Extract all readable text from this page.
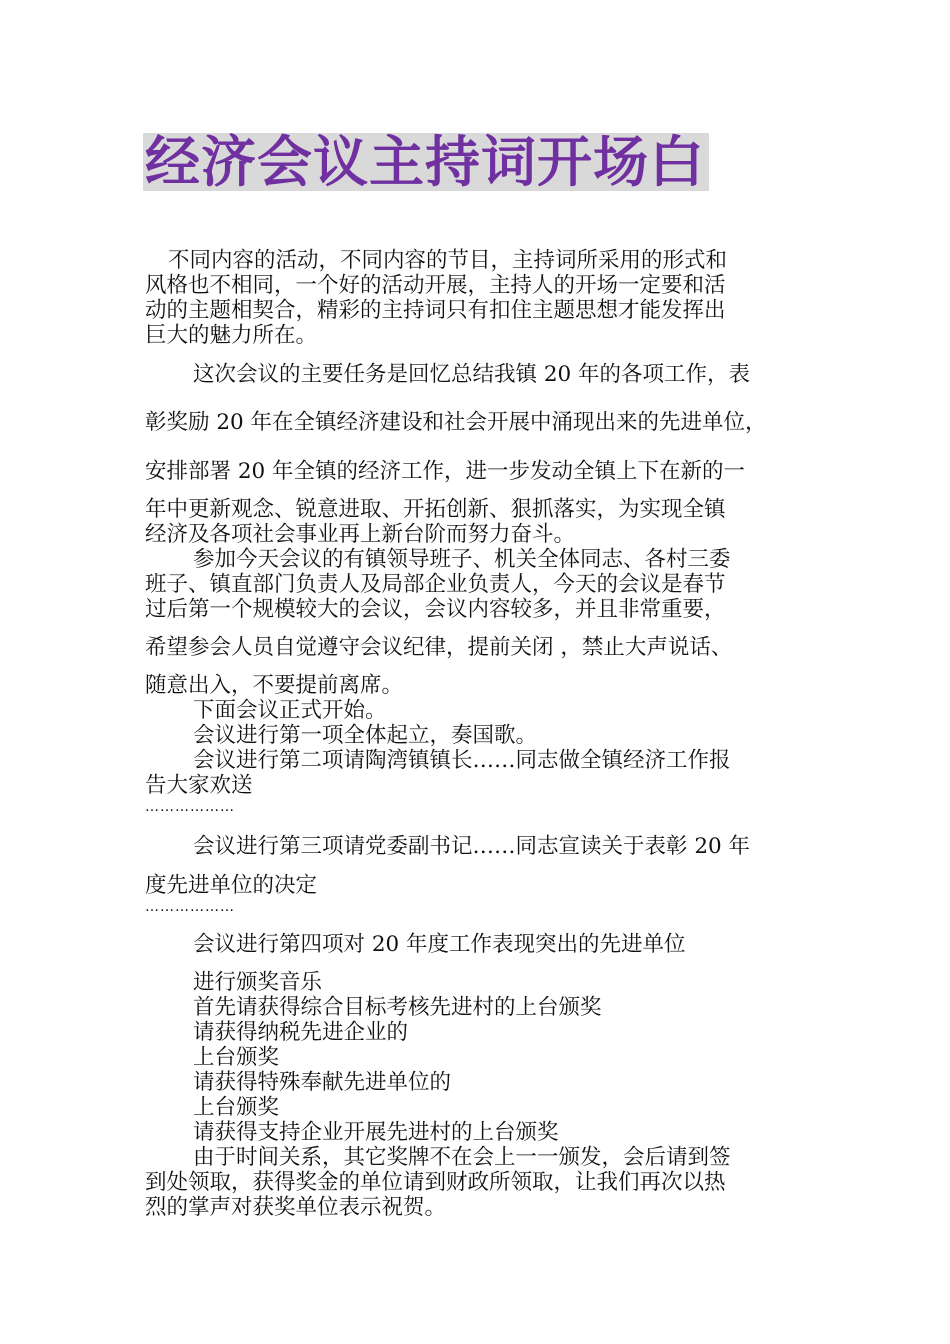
经济会议主持词开场白
不同内容的活动，不同内容的节目，主持词所采用的形式和
风格也不相同，一个好的活动开展，主持人的开场一定要和活
动的主题相契合，精彩的主持词只有扣住主题思想才能发挥出
巨大的魅力所在。
这次会议的主要任务是回忆总结我镇 20 年的各项工作，表
彰奖励 20 年在全镇经济建设和社会开展中涌现出来的先进单位，
安排部署 20 年全镇的经济工作，进一步发动全镇上下在新的一
年中更新观念、锐意进取、开拓创新、狠抓落实，为实现全镇
经济及各项社会事业再上新台阶而努力奋斗。
参加今天会议的有镇领导班子、机关全体同志、各村三委
班子、镇直部门负责人及局部企业负责人，今天的会议是春节
过后第一个规模较大的会议，会议内容较多，并且非常重要，
希望参会人员自觉遵守会议纪律，提前关闭 ，禁止大声说话、
随意出入，不要提前离席。
下面会议正式开始。
会议进行第一项全体起立，奏国歌。
会议进行第二项请陶湾镇镇长……同志做全镇经济工作报
告大家欢送
………………
会议进行第三项请党委副书记……同志宣读关于表彰 20 年
度先进单位的决定
………………
会议进行第四项对 20 年度工作表现突出的先进单位
进行颁奖音乐
首先请获得综合目标考核先进村的上台颁奖
请获得纳税先进企业的
上台颁奖
请获得特殊奉献先进单位的
上台颁奖
请获得支持企业开展先进村的上台颁奖
由于时间关系，其它奖牌不在会上一一颁发，会后请到签
到处领取，获得奖金的单位请到财政所领取，让我们再次以热
烈的掌声对获奖单位表示祝贺。
